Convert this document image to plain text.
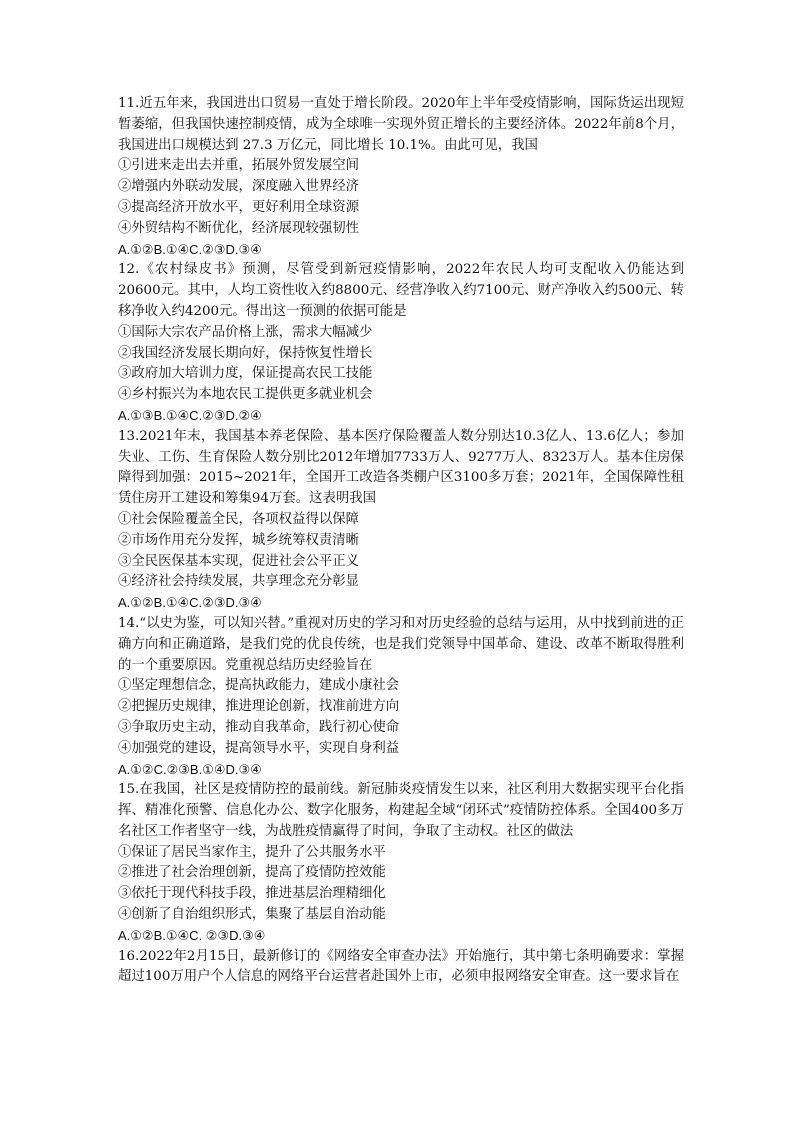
11.近五年来，我国进出口贸易一直处于增长阶段。2020年上半年受疫情影响，国际货运出现短暂萎缩，但我国快速控制疫情，成为全球唯一实现外贸正增长的主要经济体。2022年前8个月，我国进出口规模达到 27.3 万亿元，同比增长 10.1%。由此可见，我国

①引进来走出去并重，拓展外贸发展空间

②增强内外联动发展，深度融入世界经济

③提高经济开放水平，更好利用全球资源

④外贸结构不断优化，经济展现较强韧性

A.①②B.①④C.②③D.③④

12.《农村绿皮书》预测，尽管受到新冠疫情影响，2022年农民人均可支配收入仍能达到20600元。其中，人均工资性收入约8800元、经营净收入约7100元、财产净收入约500元、转移净收入约4200元。得出这一预测的依据可能是

①国际大宗农产品价格上涨，需求大幅减少

②我国经济发展长期向好，保持恢复性增长

③政府加大培训力度，保证提高农民工技能

④乡村振兴为本地农民工提供更多就业机会

A.①③B.①④C.②③D.②④

13.2021年末，我国基本养老保险、基本医疗保险覆盖人数分别达10.3亿人、13.6亿人；参加失业、工伤、生育保险人数分别比2012年增加7733万人、9277万人、8323万人。基本住房保障得到加强：2015~2021年，全国开工改造各类棚户区3100多万套；2021年，全国保障性租赁住房开工建设和筹集94万套。这表明我国

①社会保险覆盖全民，各项权益得以保障

②市场作用充分发挥，城乡统筹权责清晰

③全民医保基本实现，促进社会公平正义

④经济社会持续发展，共享理念充分彰显

A.①②B.①④C.②③D.③④

14.“以史为鉴，可以知兴替。”重视对历史的学习和对历史经验的总结与运用，从中找到前进的正确方向和正确道路，是我们党的优良传统，也是我们党领导中国革命、建设、改革不断取得胜利的一个重要原因。党重视总结历史经验旨在

①坚定理想信念，提高执政能力，建成小康社会

②把握历史规律，推进理论创新，找准前进方向

③争取历史主动，推动自我革命，践行初心使命

④加强党的建设，提高领导水平，实现自身利益

A.①②C.②③B.①④D.③④

15.在我国，社区是疫情防控的最前线。新冠肺炎疫情发生以来，社区利用大数据实现平台化指挥、精准化预警、信息化办公、数字化服务，构建起全域“闭环式”疫情防控体系。全国400多万名社区工作者坚守一线，为战胜疫情赢得了时间，争取了主动权。社区的做法

①保证了居民当家作主，提升了公共服务水平

②推进了社会治理创新，提高了疫情防控效能

③依托于现代科技手段，推进基层治理精细化

④创新了自治组织形式，集聚了基层自治动能

A.①②B.①④C. ②③D.③④

16.2022年2月15日，最新修订的《网络安全审查办法》开始施行，其中第七条明确要求：掌握超过100万用户个人信息的网络平台运营者赴国外上市，必须申报网络安全审查。这一要求旨在
